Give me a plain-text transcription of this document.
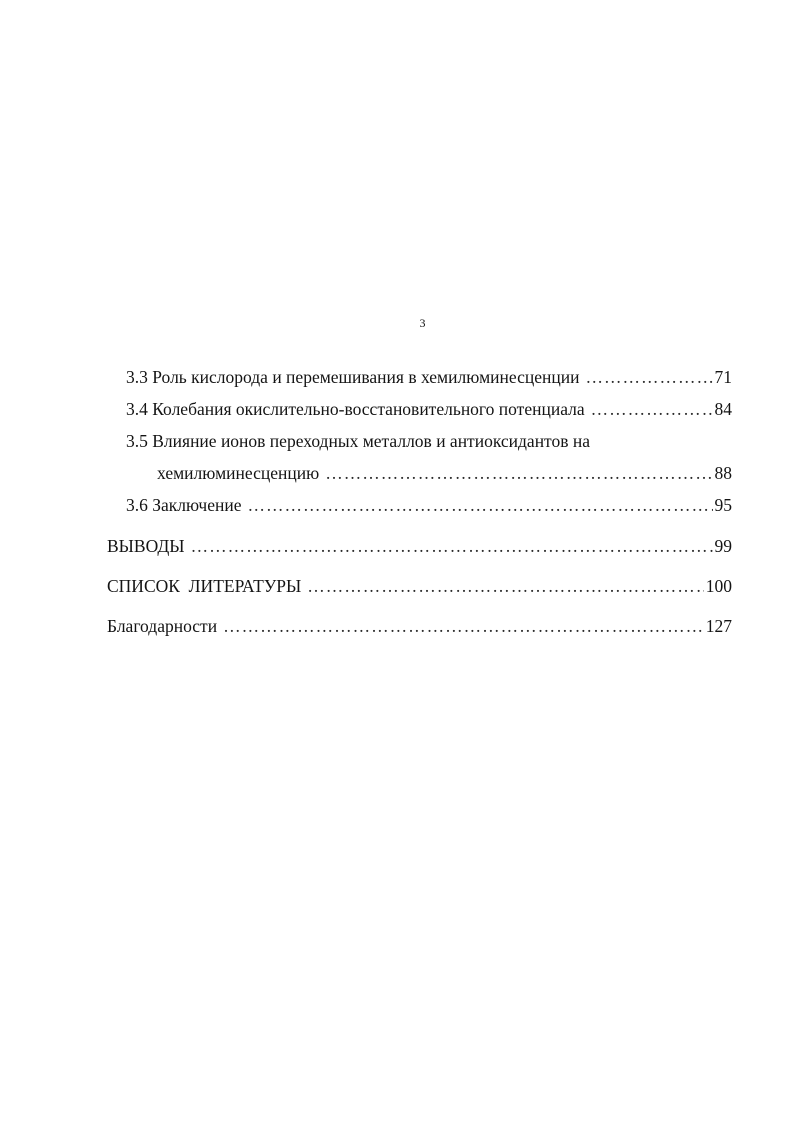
3
3.3 Роль кислорода и перемешивания в хемилюминесценции …………………………………………………………………………………………………………………………………………………	71
3.4 Колебания окислительно-восстановительного потенциала …………………………………………………………………………………………………………………………………………………	84
3.5 Влияние ионов переходных металлов и антиоксидантов на
хемилюминесценцию …………………………………………………………………………………………………………………………………………………	88
3.6 Заключение …………………………………………………………………………………………………………………………………………………	95
ВЫВОДЫ …………………………………………………………………………………………………………………………………………………	99
СПИСОК  ЛИТЕРАТУРЫ …………………………………………………………………………………………………………………………………………………	100
Благодарности …………………………………………………………………………………………………………………………………………………	127
